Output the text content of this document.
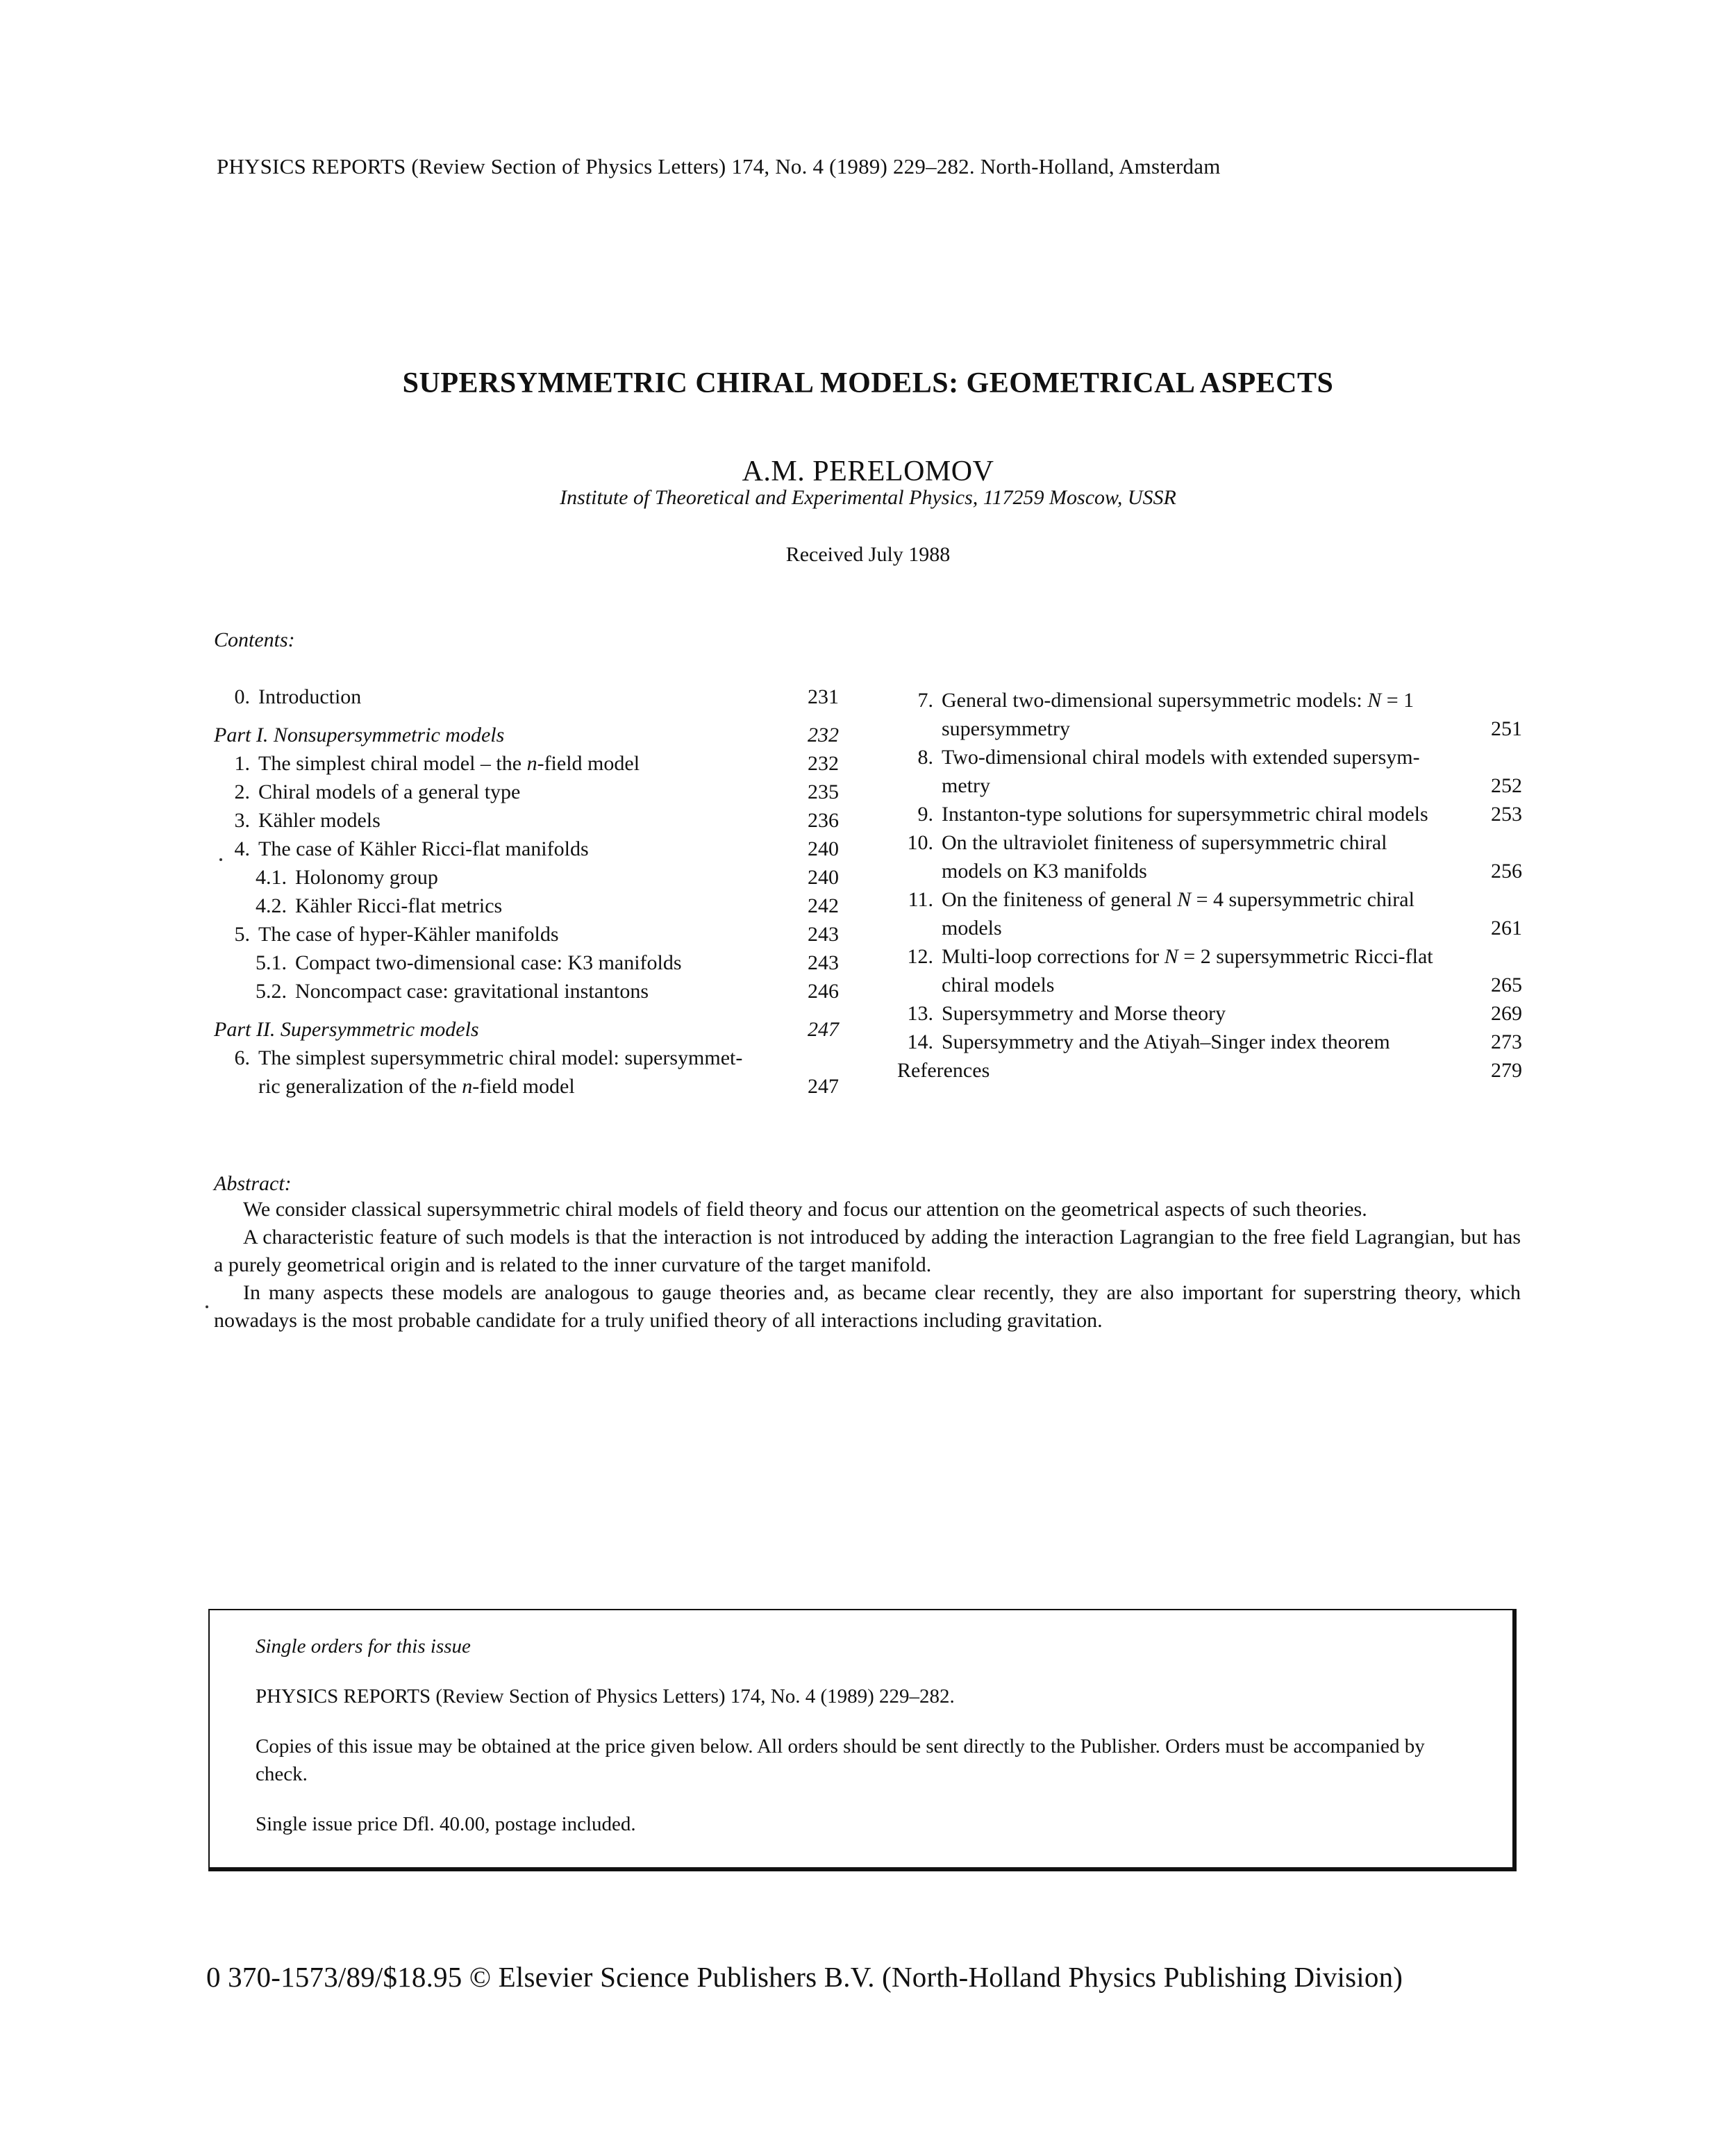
PHYSICS REPORTS (Review Section of Physics Letters) 174, No. 4 (1989) 229–282. North-Holland, Amsterdam
SUPERSYMMETRIC CHIRAL MODELS: GEOMETRICAL ASPECTS
A.M. PERELOMOV
Institute of Theoretical and Experimental Physics, 117259 Moscow, USSR
Received July 1988
Contents:
0. Introduction	231
Part I. Nonsupersymmetric models	232
1. The simplest chiral model – the n-field model	232
2. Chiral models of a general type	235
3. Kähler models	236
4. The case of Kähler Ricci-flat manifolds	240
4.1. Holonomy group	240
4.2. Kähler Ricci-flat metrics	242
5. The case of hyper-Kähler manifolds	243
5.1. Compact two-dimensional case: K3 manifolds	243
5.2. Noncompact case: gravitational instantons	246
Part II. Supersymmetric models	247
6. The simplest supersymmetric chiral model: supersymmet-
ric generalization of the n-field model	247
7. General two-dimensional supersymmetric models: N = 1
supersymmetry	251
8. Two-dimensional chiral models with extended supersym-
metry	252
9. Instanton-type solutions for supersymmetric chiral models	253
10. On the ultraviolet finiteness of supersymmetric chiral
models on K3 manifolds	256
11. On the finiteness of general N = 4 supersymmetric chiral
models	261
12. Multi-loop corrections for N = 2 supersymmetric Ricci-flat
chiral models	265
13. Supersymmetry and Morse theory	269
14. Supersymmetry and the Atiyah–Singer index theorem	273
References	279
Abstract:

We consider classical supersymmetric chiral models of field theory and focus our attention on the geometrical aspects of such theories.

A characteristic feature of such models is that the interaction is not introduced by adding the interaction Lagrangian to the free field Lagrangian, but has a purely geometrical origin and is related to the inner curvature of the target manifold.

In many aspects these models are analogous to gauge theories and, as became clear recently, they are also important for superstring theory, which nowadays is the most probable candidate for a truly unified theory of all interactions including gravitation.

Single orders for this issue

PHYSICS REPORTS (Review Section of Physics Letters) 174, No. 4 (1989) 229–282.

Copies of this issue may be obtained at the price given below. All orders should be sent directly to the Publisher. Orders must be accompanied by check.

Single issue price Dfl. 40.00, postage included.

0 370-1573/89/$18.95 © Elsevier Science Publishers B.V. (North-Holland Physics Publishing Division)
